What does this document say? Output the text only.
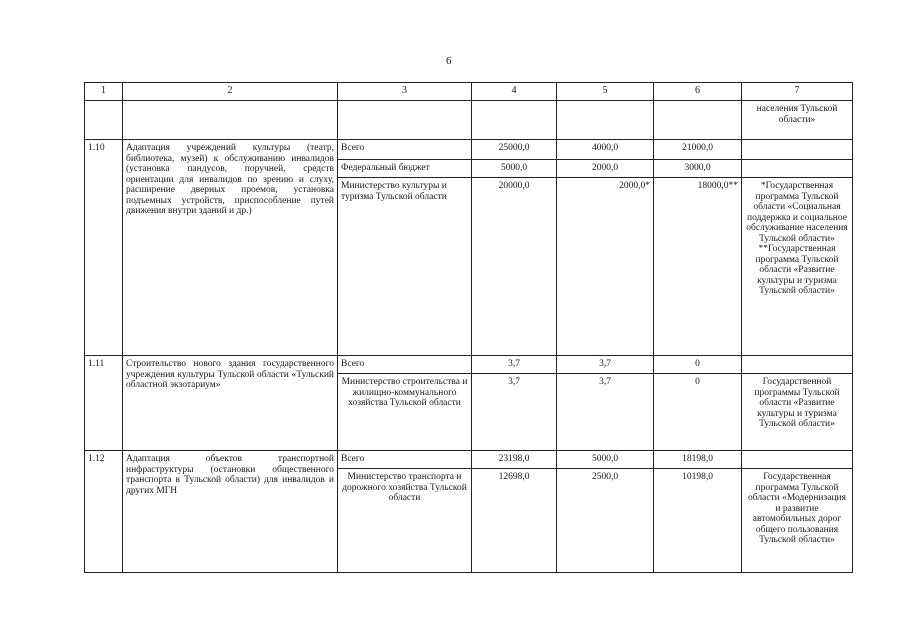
6
1	2	3	4	5	6	7
						населения Тульской области»
1.10	Адаптация учреждений культуры (театр, библиотека, музей) к обслуживанию инвалидов (установка пандусов, поручней, средств ориентации для инвалидов по зрению и слуху, расширение дверных проемов, установка подъемных устройств, приспособление путей движения внутри зданий и др.)	Всего	25000,0	4000,0	21000,0	
		Федеральный бюджет	5000,0	2000,0	3000,0	
		Министерство культуры и туризма Тульской области	20000,0	2000,0*	18000,0**	*Государственная программа Тульской области «Социальная поддержка и социальное обслуживание населения Тульской области» **Государственная программа Тульской области «Развитие культуры и туризма Тульской области»
1.11	Строительство нового здания государственного учреждения культуры Тульской области «Тульский областной экзотариум»	Всего	3,7	3,7	0	
		Министерство строительства и жилищно-коммунального хозяйства Тульской области	3,7	3,7	0	Государственной программы Тульской области «Развитие культуры и туризма Тульской области»
1.12	Адаптация объектов транспортной инфраструктуры (остановки общественного транспорта в Тульской области) для инвалидов и других МГН	Всего	23198,0	5000,0	18198,0	
		Министерство транспорта и дорожного хозяйства Тульской области	12698,0	2500,0	10198,0	Государственная программа Тульской области «Модернизация и развитие автомобильных дорог общего пользования Тульской области»
